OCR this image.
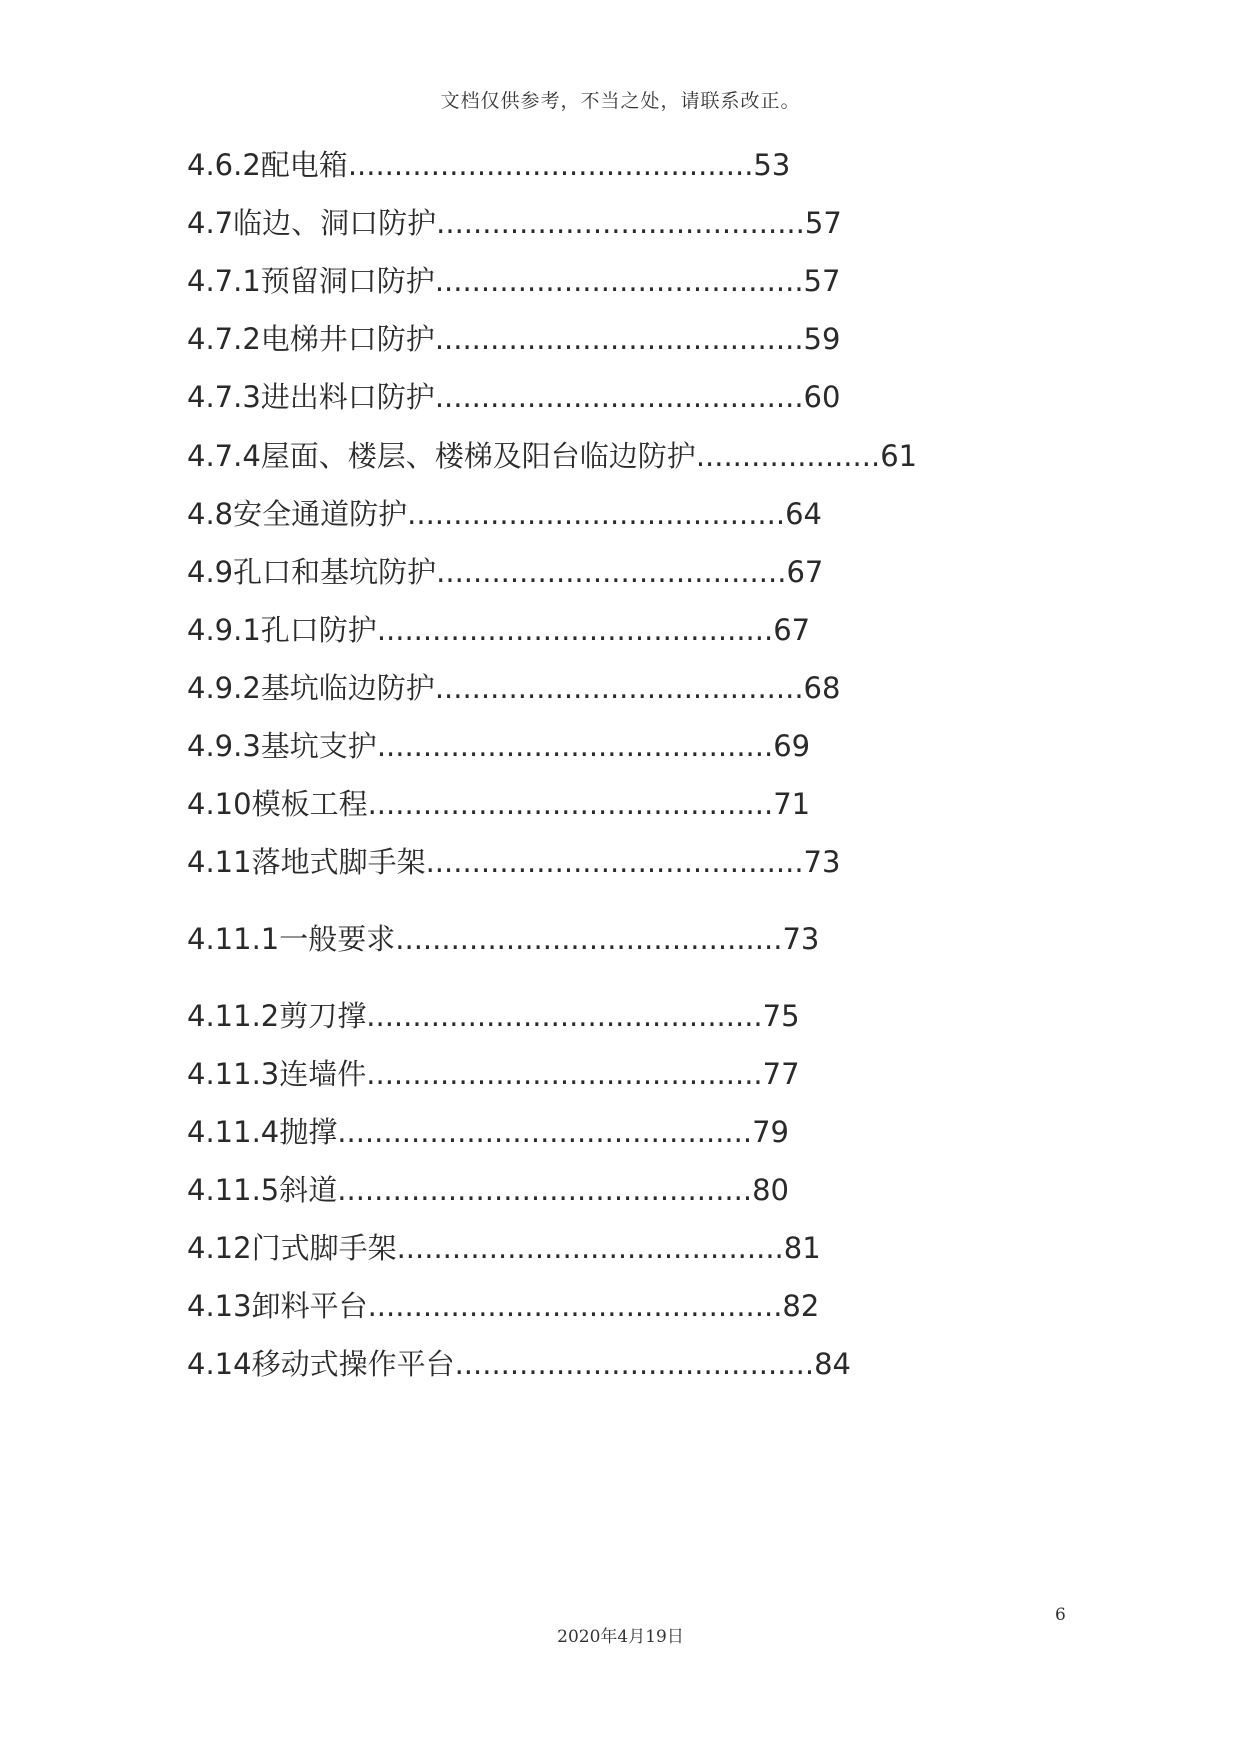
文档仅供参考，不当之处，请联系改正。
4.6.2配电箱............................................53
4.7临边、洞口防护........................................57
4.7.1预留洞口防护........................................57
4.7.2电梯井口防护........................................59
4.7.3进出料口防护........................................60
4.7.4屋面、楼层、楼梯及阳台临边防护....................61
4.8安全通道防护.........................................64
4.9孔口和基坑防护......................................67
4.9.1孔口防护...........................................67
4.9.2基坑临边防护........................................68
4.9.3基坑支护...........................................69
4.10模板工程............................................71
4.11落地式脚手架.........................................73
4.11.1一般要求..........................................73
4.11.2剪刀撑...........................................75
4.11.3连墙件...........................................77
4.11.4抛撑.............................................79
4.11.5斜道.............................................80
4.12门式脚手架..........................................81
4.13卸料平台.............................................82
4.14移动式操作平台.......................................84
6
2020年4月19日
